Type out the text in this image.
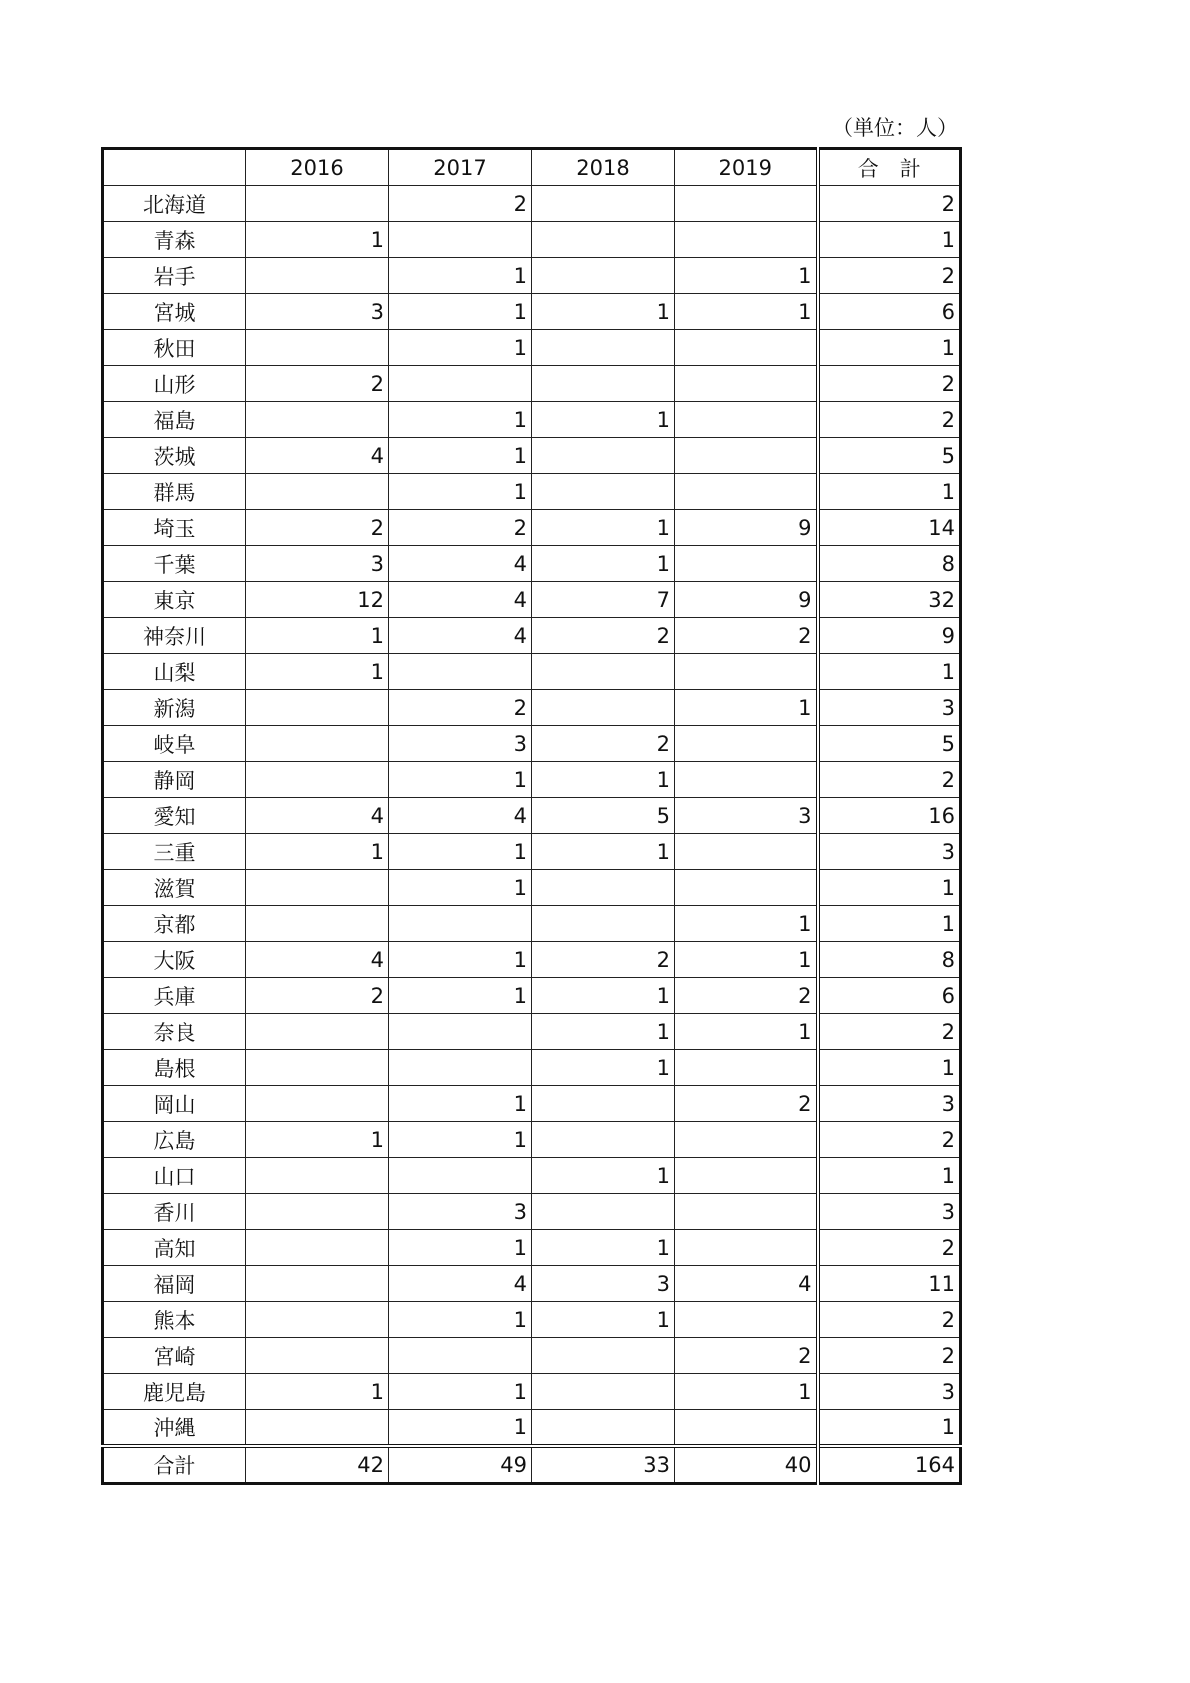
（単位：人）
	2016	2017	2018	2019	合　計
北海道		2			2
青森	1				1
岩手		1		1	2
宮城	3	1	1	1	6
秋田		1			1
山形	2				2
福島		1	1		2
茨城	4	1			5
群馬		1			1
埼玉	2	2	1	9	14
千葉	3	4	1		8
東京	12	4	7	9	32
神奈川	1	4	2	2	9
山梨	1				1
新潟		2		1	3
岐阜		3	2		5
静岡		1	1		2
愛知	4	4	5	3	16
三重	1	1	1		3
滋賀		1			1
京都				1	1
大阪	4	1	2	1	8
兵庫	2	1	1	2	6
奈良			1	1	2
島根			1		1
岡山		1		2	3
広島	1	1			2
山口			1		1
香川		3			3
高知		1	1		2
福岡		4	3	4	11
熊本		1	1		2
宮崎				2	2
鹿児島	1	1		1	3
沖縄		1			1
合計	42	49	33	40	164
